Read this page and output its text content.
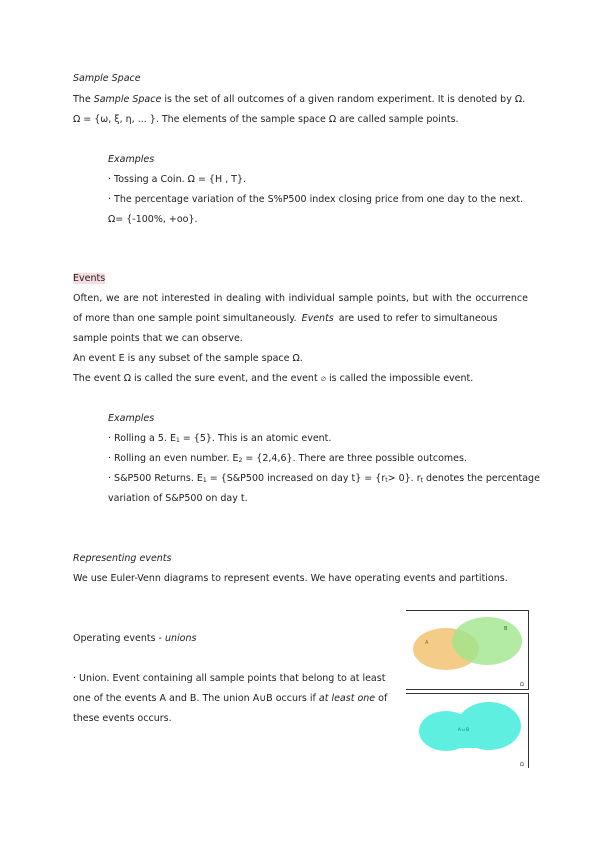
Sample Space
The Sample Space is the set of all outcomes of a given random experiment. It is denoted by Ω.
Ω = {ω, ξ, η, ... }. The elements of the sample space Ω are called sample points.
Examples
· Tossing a Coin. Ω = {H , T}.
· The percentage variation of the S%P500 index closing price from one day to the next.
Ω= {-100%, +oo}.
Events
Often, we are not interested in dealing with individual sample points, but with the occurrence
of more than one sample point simultaneously. Events are used to refer to simultaneous
sample points that we can observe.
An event E is any subset of the sample space Ω.
The event Ω is called the sure event, and the event ∅ is called the impossible event.
Examples
· Rolling a 5. $E_1 = \{5\}$. This is an atomic event.
· Rolling an even number. $E_2 = \{2,4,6\}$. There are three possible outcomes.
· S&P500 Returns. $E_1$ = {S&P500 increased on day $t\} = \{r_t> 0\}$. $r_t$ denotes the percentage
variation of S&P500 on day t.
Representing events
We use Euler-Venn diagrams to represent events. We have operating events and partitions.
Operating events - unions
· Union. Event containing all sample points that belong to at least
one of the events A and B. The union A∪B occurs if at least one of
these events occurs.
A
B
Ω
A ∪ B
Ω
